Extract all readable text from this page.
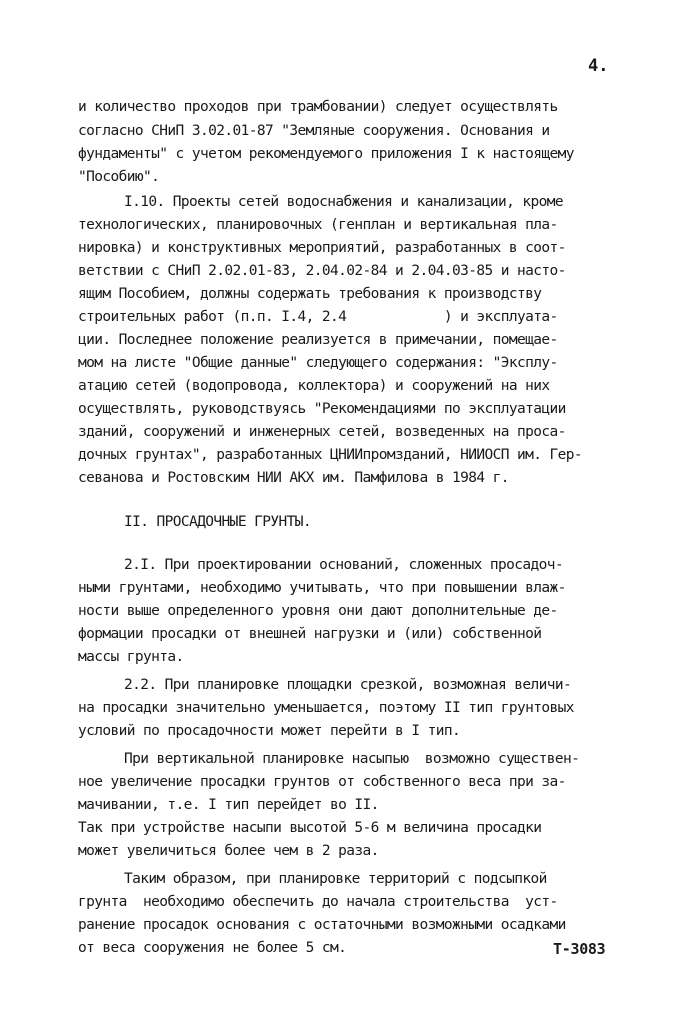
4.
и количество проходов при трамбовании) следует осуществлять
согласно СНиП 3.02.01-87 "Земляные сооружения. Основания и
фундаменты" с учетом рекомендуемого приложения I к настоящему
"Пособию".
I.10. Проекты сетей водоснабжения и канализации, кроме
технологических, планировочных (генплан и вертикальная пла-
нировка) и конструктивных мероприятий, разработанных в соот-
ветствии с СНиП 2.02.01-83, 2.04.02-84 и 2.04.03-85 и насто-
ящим Пособием, должны содержать требования к производству
строительных работ (п.п. I.4, 2.4            ) и эксплуата-
ции. Последнее положение реализуется в примечании, помещае-
мом на листе "Общие данные" следующего содержания: "Эксплу-
атацию сетей (водопровода, коллектора) и сооружений на них
осуществлять, руководствуясь "Рекомендациями по эксплуатации
зданий, сооружений и инженерных сетей, возведенных на проса-
дочных грунтах", разработанных ЦНИИпромзданий, НИИОСП им. Гер-
севанова и Ростовским НИИ АКХ им. Памфилова в 1984 г.
II. ПРОСАДОЧНЫЕ ГРУНТЫ.
2.I. При проектировании оснований, сложенных просадоч-
ными грунтами, необходимо учитывать, что при повышении влаж-
ности выше определенного уровня они дают дополнительные де-
формации просадки от внешней нагрузки и (или) собственной
массы грунта.
2.2. При планировке площадки срезкой, возможная величи-
на просадки значительно уменьшается, поэтому II тип грунтовых
условий по просадочности может перейти в I тип.
При вертикальной планировке насыпью  возможно существен-
ное увеличение просадки грунтов от собственного веса при за-
мачивании, т.е. I тип перейдет во II.
Так при устройстве насыпи высотой 5-6 м величина просадки
может увеличиться более чем в 2 раза.
Таким образом, при планировке территорий с подсыпкой
грунта  необходимо обеспечить до начала строительства  уст-
ранение просадок основания с остаточными возможными осадками
от веса сооружения не более 5 см.	Т-3083
